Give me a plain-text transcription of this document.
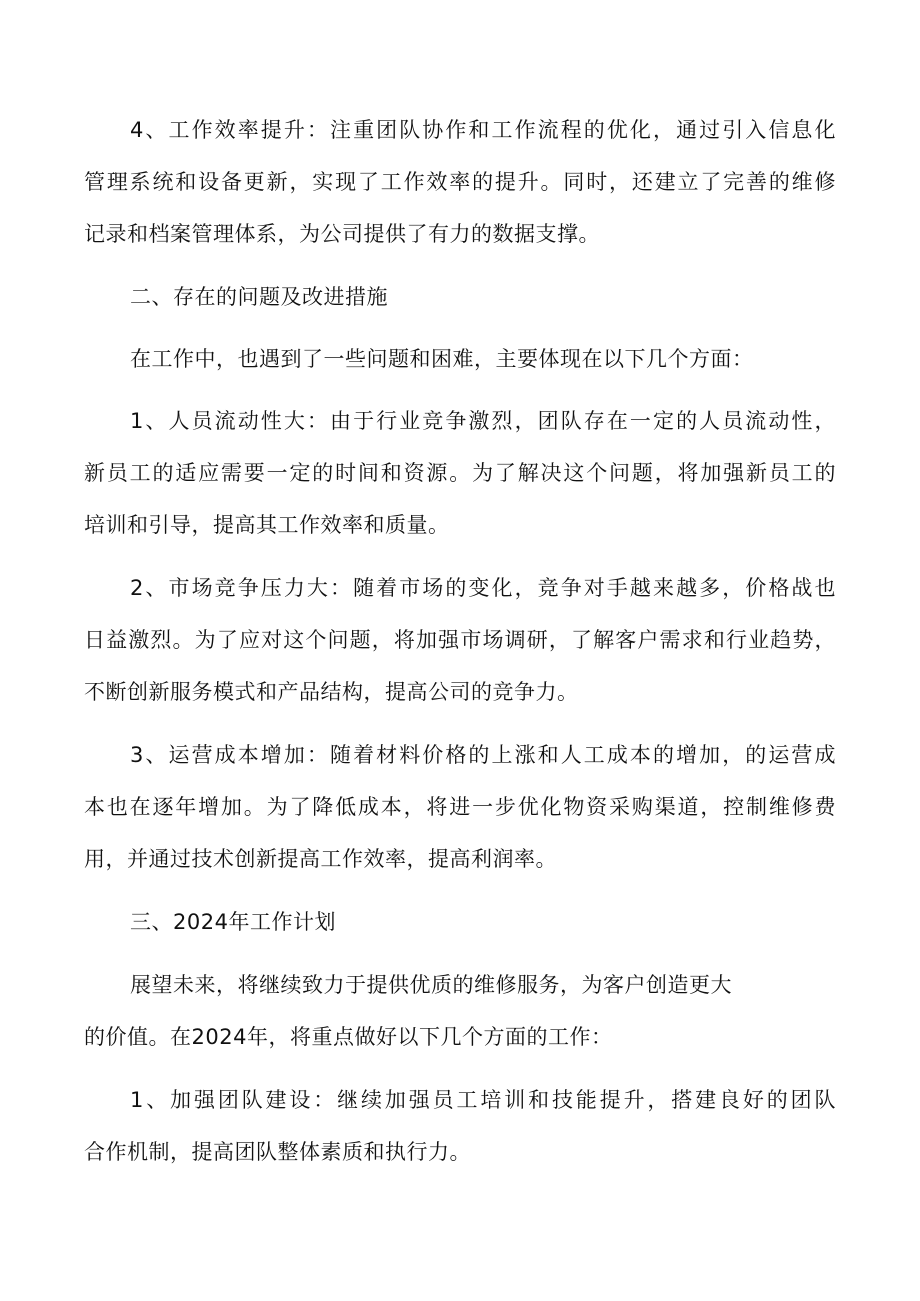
4、工作效率提升：注重团队协作和工作流程的优化，通过引入信息化
管理系统和设备更新，实现了工作效率的提升。同时，还建立了完善的维修
记录和档案管理体系，为公司提供了有力的数据支撑。
二、存在的问题及改进措施
在工作中，也遇到了一些问题和困难，主要体现在以下几个方面：
1、人员流动性大：由于行业竞争激烈，团队存在一定的人员流动性，
新员工的适应需要一定的时间和资源。为了解决这个问题，将加强新员工的
培训和引导，提高其工作效率和质量。
2、市场竞争压力大：随着市场的变化，竞争对手越来越多，价格战也
日益激烈。为了应对这个问题，将加强市场调研，了解客户需求和行业趋势，
不断创新服务模式和产品结构，提高公司的竞争力。
3、运营成本增加：随着材料价格的上涨和人工成本的增加，的运营成
本也在逐年增加。为了降低成本，将进一步优化物资采购渠道，控制维修费
用，并通过技术创新提高工作效率，提高利润率。
三、2024年工作计划
展望未来，将继续致力于提供优质的维修服务，为客户创造更大
的价值。在2024年，将重点做好以下几个方面的工作：
1、加强团队建设：继续加强员工培训和技能提升，搭建良好的团队
合作机制，提高团队整体素质和执行力。
